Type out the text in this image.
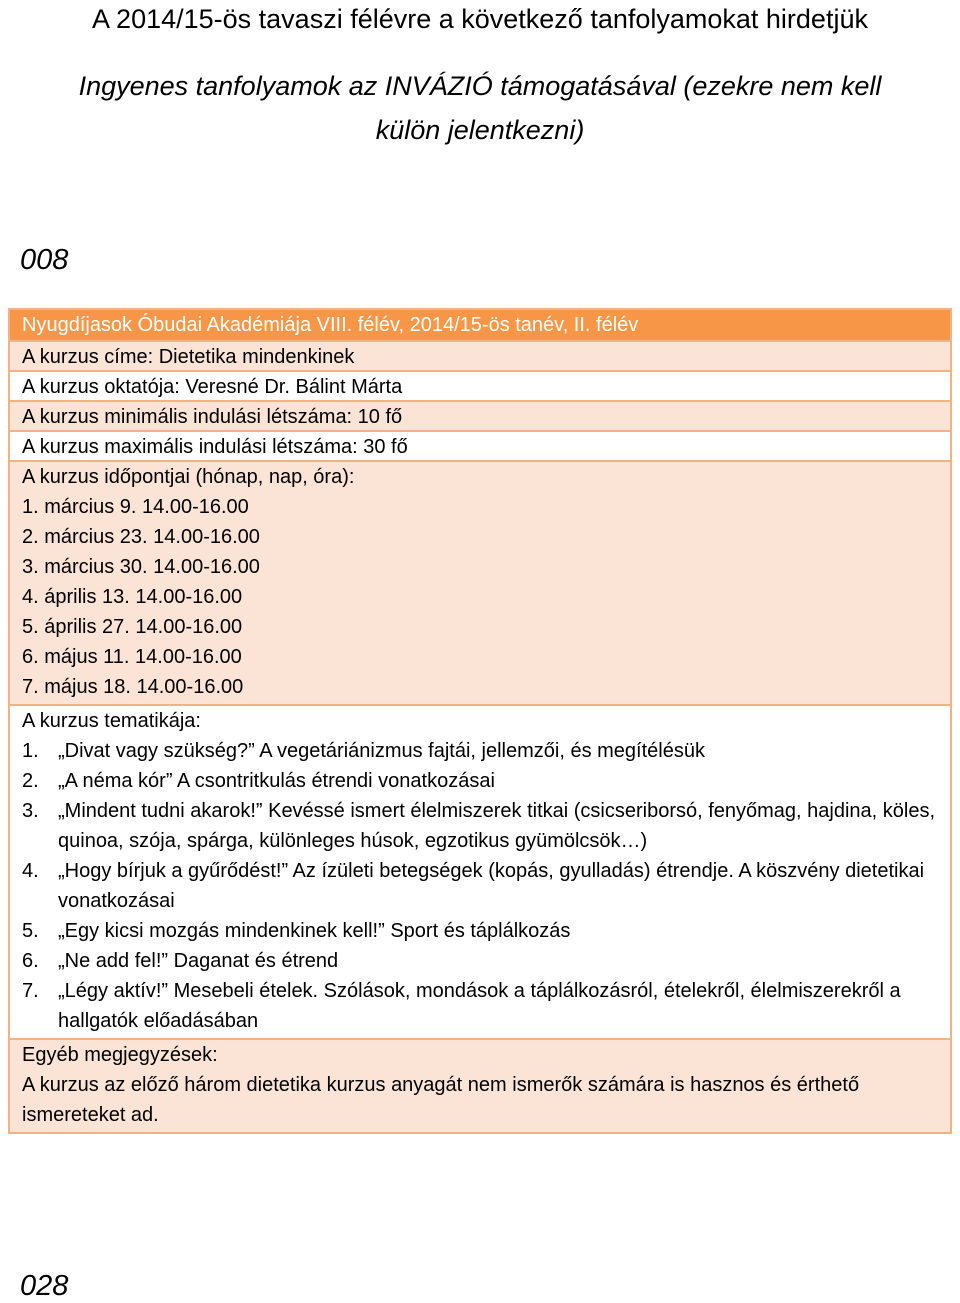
A 2014/15-ös tavaszi félévre a következő tanfolyamokat hirdetjük
Ingyenes tanfolyamok az INVÁZIÓ támogatásával (ezekre nem kell
külön jelentkezni)
008
Nyugdíjasok Óbudai Akadémiája VIII. félév, 2014/15-ös tanév, II. félév
A kurzus címe: Dietetika mindenkinek
A kurzus oktatója: Veresné Dr. Bálint Márta
A kurzus minimális indulási létszáma: 10 fő
A kurzus maximális indulási létszáma: 30 fő
A kurzus időpontjai (hónap, nap, óra):
1. március 9. 14.00-16.00
2. március 23. 14.00-16.00
3. március 30. 14.00-16.00
4. április 13. 14.00-16.00
5. április 27. 14.00-16.00
6. május 11. 14.00-16.00
7. május 18. 14.00-16.00
A kurzus tematikája:
1. „Divat vagy szükség?” A vegetáriánizmus fajtái, jellemzői, és megítélésük
2. „A néma kór” A csontritkulás étrendi vonatkozásai
3. „Mindent tudni akarok!” Kevéssé ismert élelmiszerek titkai (csicseriborsó, fenyőmag, hajdina, köles, quinoa, szója, spárga, különleges húsok, egzotikus gyümölcsök…)
4. „Hogy bírjuk a gyűrődést!” Az ízületi betegségek (kopás, gyulladás) étrendje. A köszvény dietetikai vonatkozásai
5. „Egy kicsi mozgás mindenkinek kell!” Sport és táplálkozás
6. „Ne add fel!” Daganat és étrend
7. „Légy aktív!” Mesebeli ételek. Szólások, mondások a táplálkozásról, ételekről, élelmiszerekről a hallgatók előadásában
Egyéb megjegyzések:
A kurzus az előző három dietetika kurzus anyagát nem ismerők számára is hasznos és érthető ismereteket ad.
028
